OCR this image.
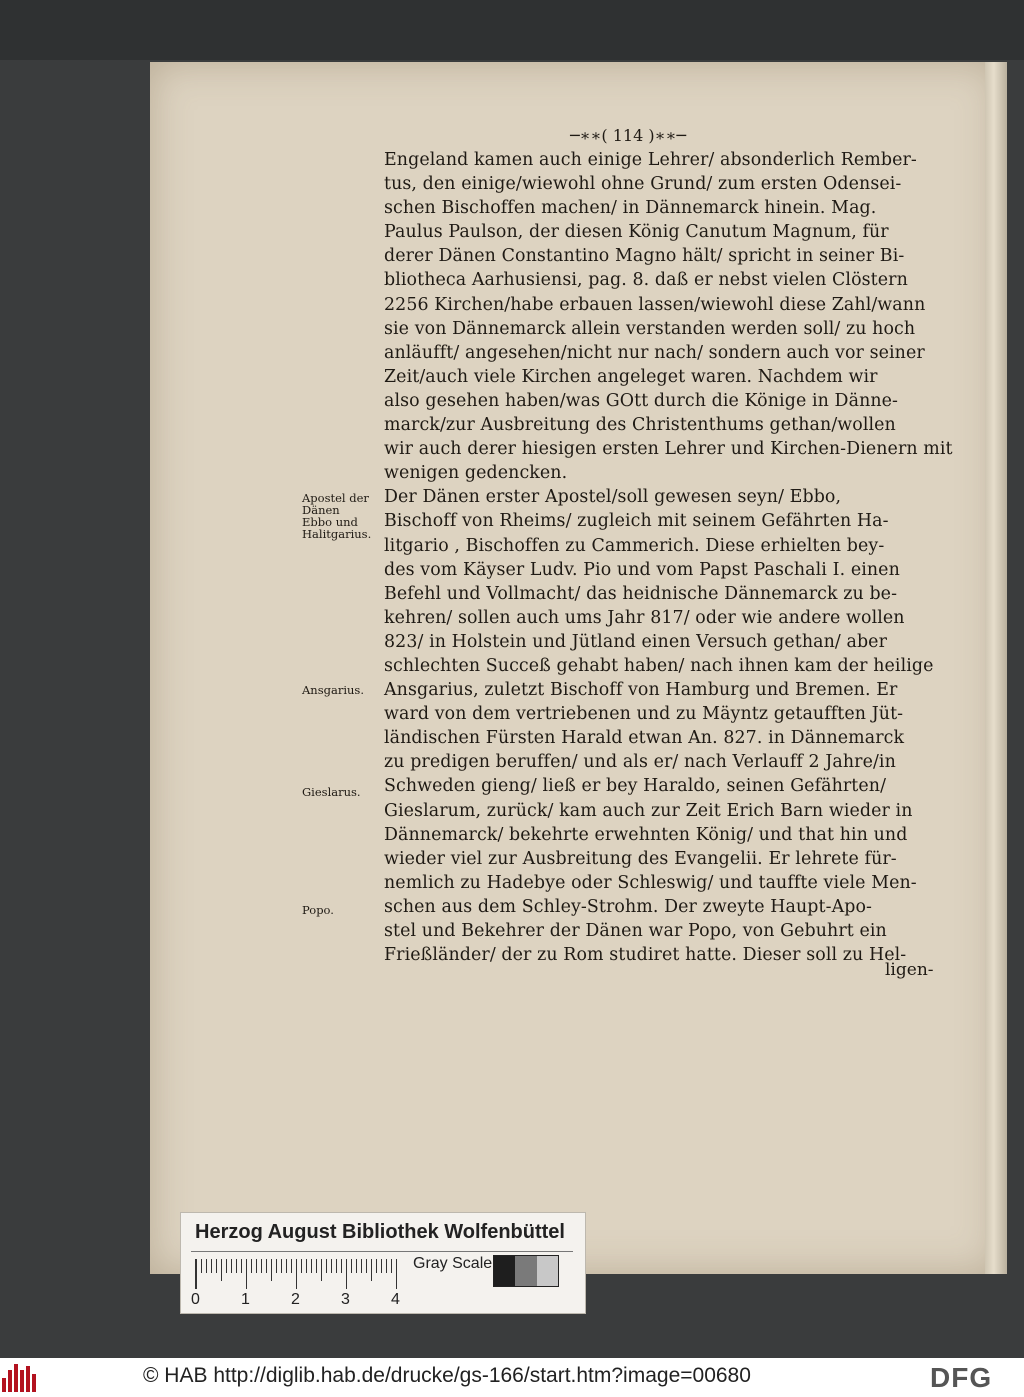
─∗∗( 114 )∗∗─
Engeland kamen auch einige Lehrer/ absonderlich Rember-
tus, den einige/wiewohl ohne Grund/ zum ersten Odensei-
schen Bischoffen machen/ in Dännemarck hinein. Mag.
Paulus Paulson, der diesen König Canutum Magnum, für
derer Dänen Constantino Magno hält/ spricht in seiner Bi-
bliotheca Aarhusiensi, pag. 8. daß er nebst vielen Clöstern
2256 Kirchen/habe erbauen lassen/wiewohl diese Zahl/wann
sie von Dännemarck allein verstanden werden soll/ zu hoch
anläufft/ angesehen/nicht nur nach/ sondern auch vor seiner
Zeit/auch viele Kirchen angeleget waren. Nachdem wir
also gesehen haben/was GOtt durch die Könige in Dänne-
marck/zur Ausbreitung des Christenthums gethan/wollen
wir auch derer hiesigen ersten Lehrer und Kirchen-Dienern mit
wenigen gedencken.
Der Dänen erster Apostel/soll gewesen seyn/ Ebbo,
Bischoff von Rheims/ zugleich mit seinem Gefährten Ha-
litgario , Bischoffen zu Cammerich. Diese erhielten bey-
des vom Käyser Ludv. Pio und vom Papst Paschali I. einen
Befehl und Vollmacht/ das heidnische Dännemarck zu be-
kehren/ sollen auch ums Jahr 817/ oder wie andere wollen
823/ in Holstein und Jütland einen Versuch gethan/ aber
schlechten Succeß gehabt haben/ nach ihnen kam der heilige
Ansgarius, zuletzt Bischoff von Hamburg und Bremen. Er
ward von dem vertriebenen und zu Mäyntz getaufften Jüt-
ländischen Fürsten Harald etwan An. 827. in Dännemarck
zu predigen beruffen/ und als er/ nach Verlauff 2 Jahre/in
Schweden gieng/ ließ er bey Haraldo, seinen Gefährten/
Gieslarum, zurück/ kam auch zur Zeit Erich Barn wieder in
Dännemarck/ bekehrte erwehnten König/ und that hin und
wieder viel zur Ausbreitung des Evangelii. Er lehrete für-
nemlich zu Hadebye oder Schleswig/ und tauffte viele Men-
schen aus dem Schley-Strohm. Der zweyte Haupt-Apo-
stel und Bekehrer der Dänen war Popo, von Gebuhrt ein
Frießländer/ der zu Rom studiret hatte. Dieser soll zu Hel-
Apostel der
Dänen
Ebbo und
Halitgarius.
Ansgarius.
Gieslarus.
Popo.
ligen-
Herzog August Bibliothek Wolfenbüttel
0	1	2	3	4
Gray Scale
© HAB http://diglib.hab.de/drucke/gs-166/start.htm?image=00680	DFG
